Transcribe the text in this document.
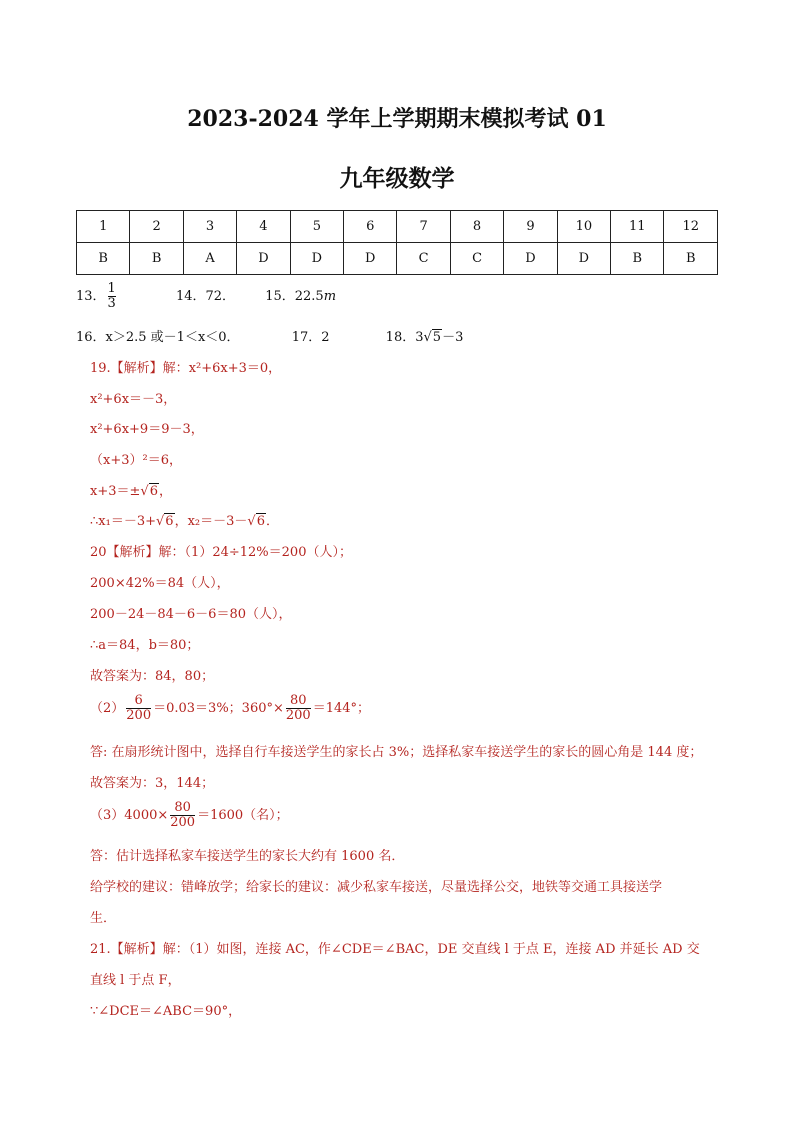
2023-2024 学年上学期期末模拟考试 01
九年级数学
1	2	3	4	5	6	7	8	9	10	11	12
B	B	A	D	D	D	C	C	D	D	B	B
13． $\frac{1}{3}$	14．72． 15．22.5m
16．x＞2.5 或－1＜x＜0．	17．2	18．3√5－3
19.【解析】解：x²+6x+3＝0，
x²+6x＝－3，
x²+6x+9＝9－3，
（x+3）²＝6，
x+3＝±√6，
∴x₁＝－3+√6，x₂＝－3－√6．
20【解析】解：（1）24÷12%＝200（人）；
200×42%＝84（人），
200－24－84－6－6＝80（人），
∴a＝84，b＝80；
故答案为：84，80；
$(2) \frac{6}{200} =0.03=3\%$；$360^\circ\times \frac{80}{200} =144^\circ$；
答: 在扇形统计图中，选择自行车接送学生的家长占 3%；选择私家车接送学生的家长的圆心角是 144 度；
故答案为：3，144；
$(3)4000\times \frac{80}{200} =1600$（名）；
答：估计选择私家车接送学生的家长大约有 1600 名．
给学校的建议：错峰放学；给家长的建议：减少私家车接送，尽量选择公交，地铁等交通工具接送学
生．
21.【解析】解：（1）如图，连接 AC，作∠CDE＝∠BAC，DE 交直线 l 于点 E，连接 AD 并延长 AD 交
直线 l 于点 F，
∵∠DCE＝∠ABC＝90°，
